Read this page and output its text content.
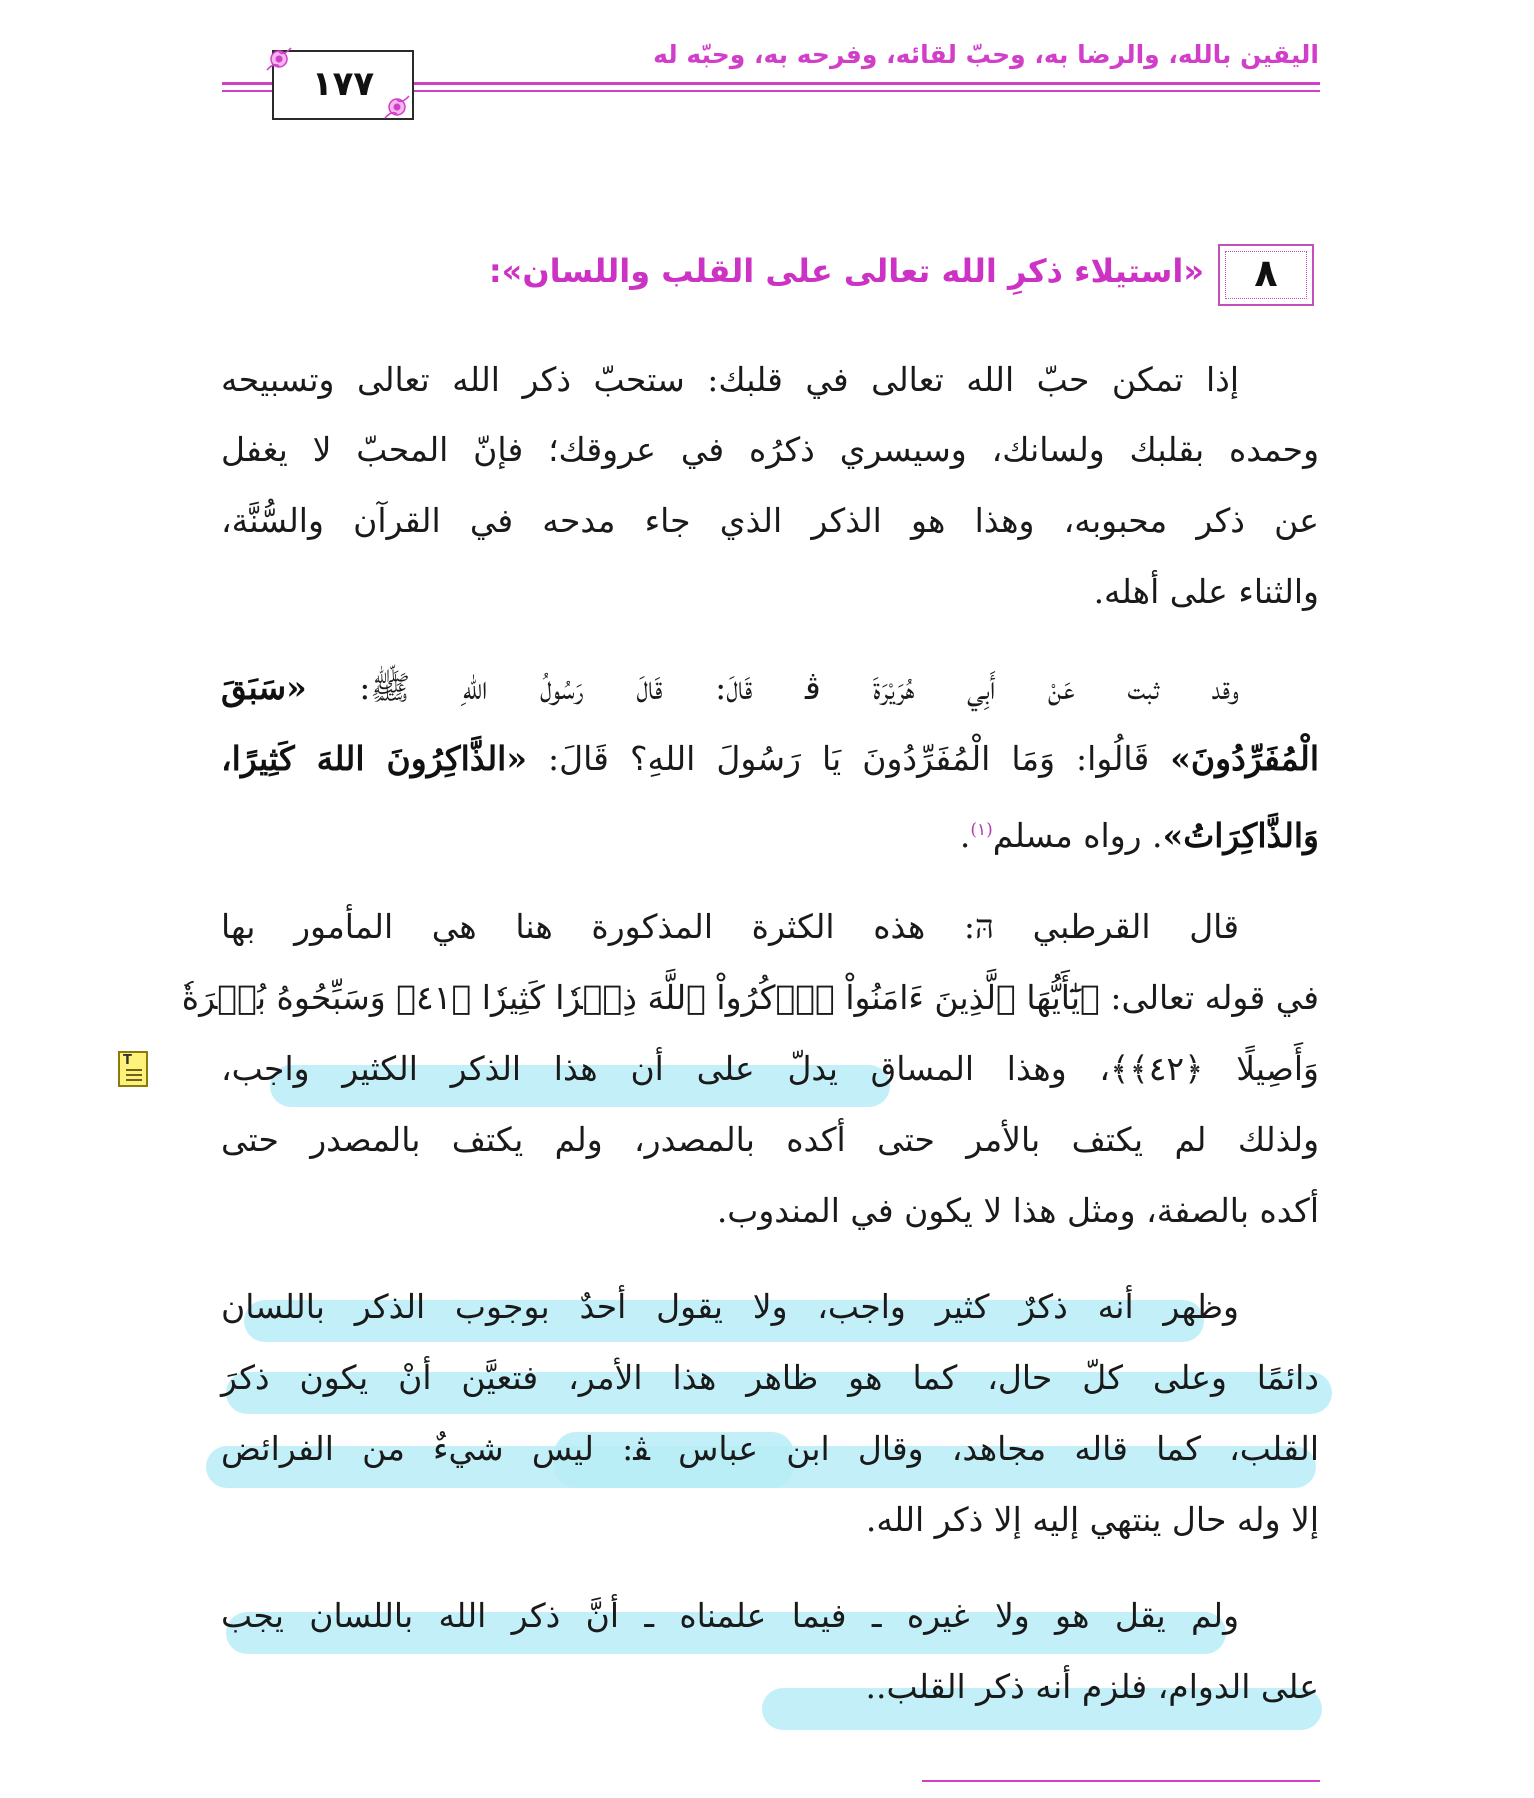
اليقين بالله، والرضا به، وحبّ لقائه، وفرحه به، وحبّه له
١٧٧
٨
«استيلاء ذكرِ الله تعالى على القلب واللسان»:
إذا تمكن حبّ الله تعالى في قلبك: ستحبّ ذكر الله تعالى وتسبيحه
وحمده بقلبك ولسانك، وسيسري ذكرُه في عروقك؛ فإنّ المحبّ لا يغفل
عن ذكر محبوبه، وهذا هو الذكر الذي جاء مدحه في القرآن والسُّنَّة،
والثناء على أهله.
وقد ثبت عَنْ أَبِي هُرَيْرَةَ ﭬ قَالَ: قَالَ رَسُولُ اللهِ ﷺ: «سَبَقَ
الْمُفَرِّدُونَ» قَالُوا: وَمَا الْمُفَرِّدُونَ يَا رَسُولَ اللهِ؟ قَالَ: «الذَّاكِرُونَ اللهَ كَثِيرًا،
وَالذَّاكِرَاتُ». رواه مسلم$^{(١)}$.
قال القرطبي הּ: هذه الكثرة المذكورة هنا هي المأمور بها
في قوله تعالى: ﴿يَٰٓأَيُّهَا ٱلَّذِينَ ءَامَنُواْ ٱذۡكُرُواْ ٱللَّهَ ذِكۡرٗا كَثِيرٗا ﴿٤١﴾ وَسَبِّحُوهُ بُكۡرَةٗ
وَأَصِيلًا ﴿٤٢﴾﴾، وهذا المساق يدلّ على أن هذا الذكر الكثير واجب،
ولذلك لم يكتف بالأمر حتى أكده بالمصدر، ولم يكتف بالمصدر حتى
أكده بالصفة، ومثل هذا لا يكون في المندوب.
وظهر أنه ذكرٌ كثير واجب، ولا يقول أحدٌ بوجوب الذكر باللسان
دائمًا وعلى كلّ حال، كما هو ظاهر هذا الأمر، فتعيَّن أنْ يكون ذكرَ
القلب، كما قاله مجاهد، وقال ابن عباس ﭭ: ليس شيءٌ من الفرائض
إلا وله حال ينتهي إليه إلا ذكر الله.
ولم يقل هو ولا غيره ـ فيما علمناه ـ أنَّ ذكر الله باللسان يجب
على الدوام، فلزم أنه ذكر القلب..
T
